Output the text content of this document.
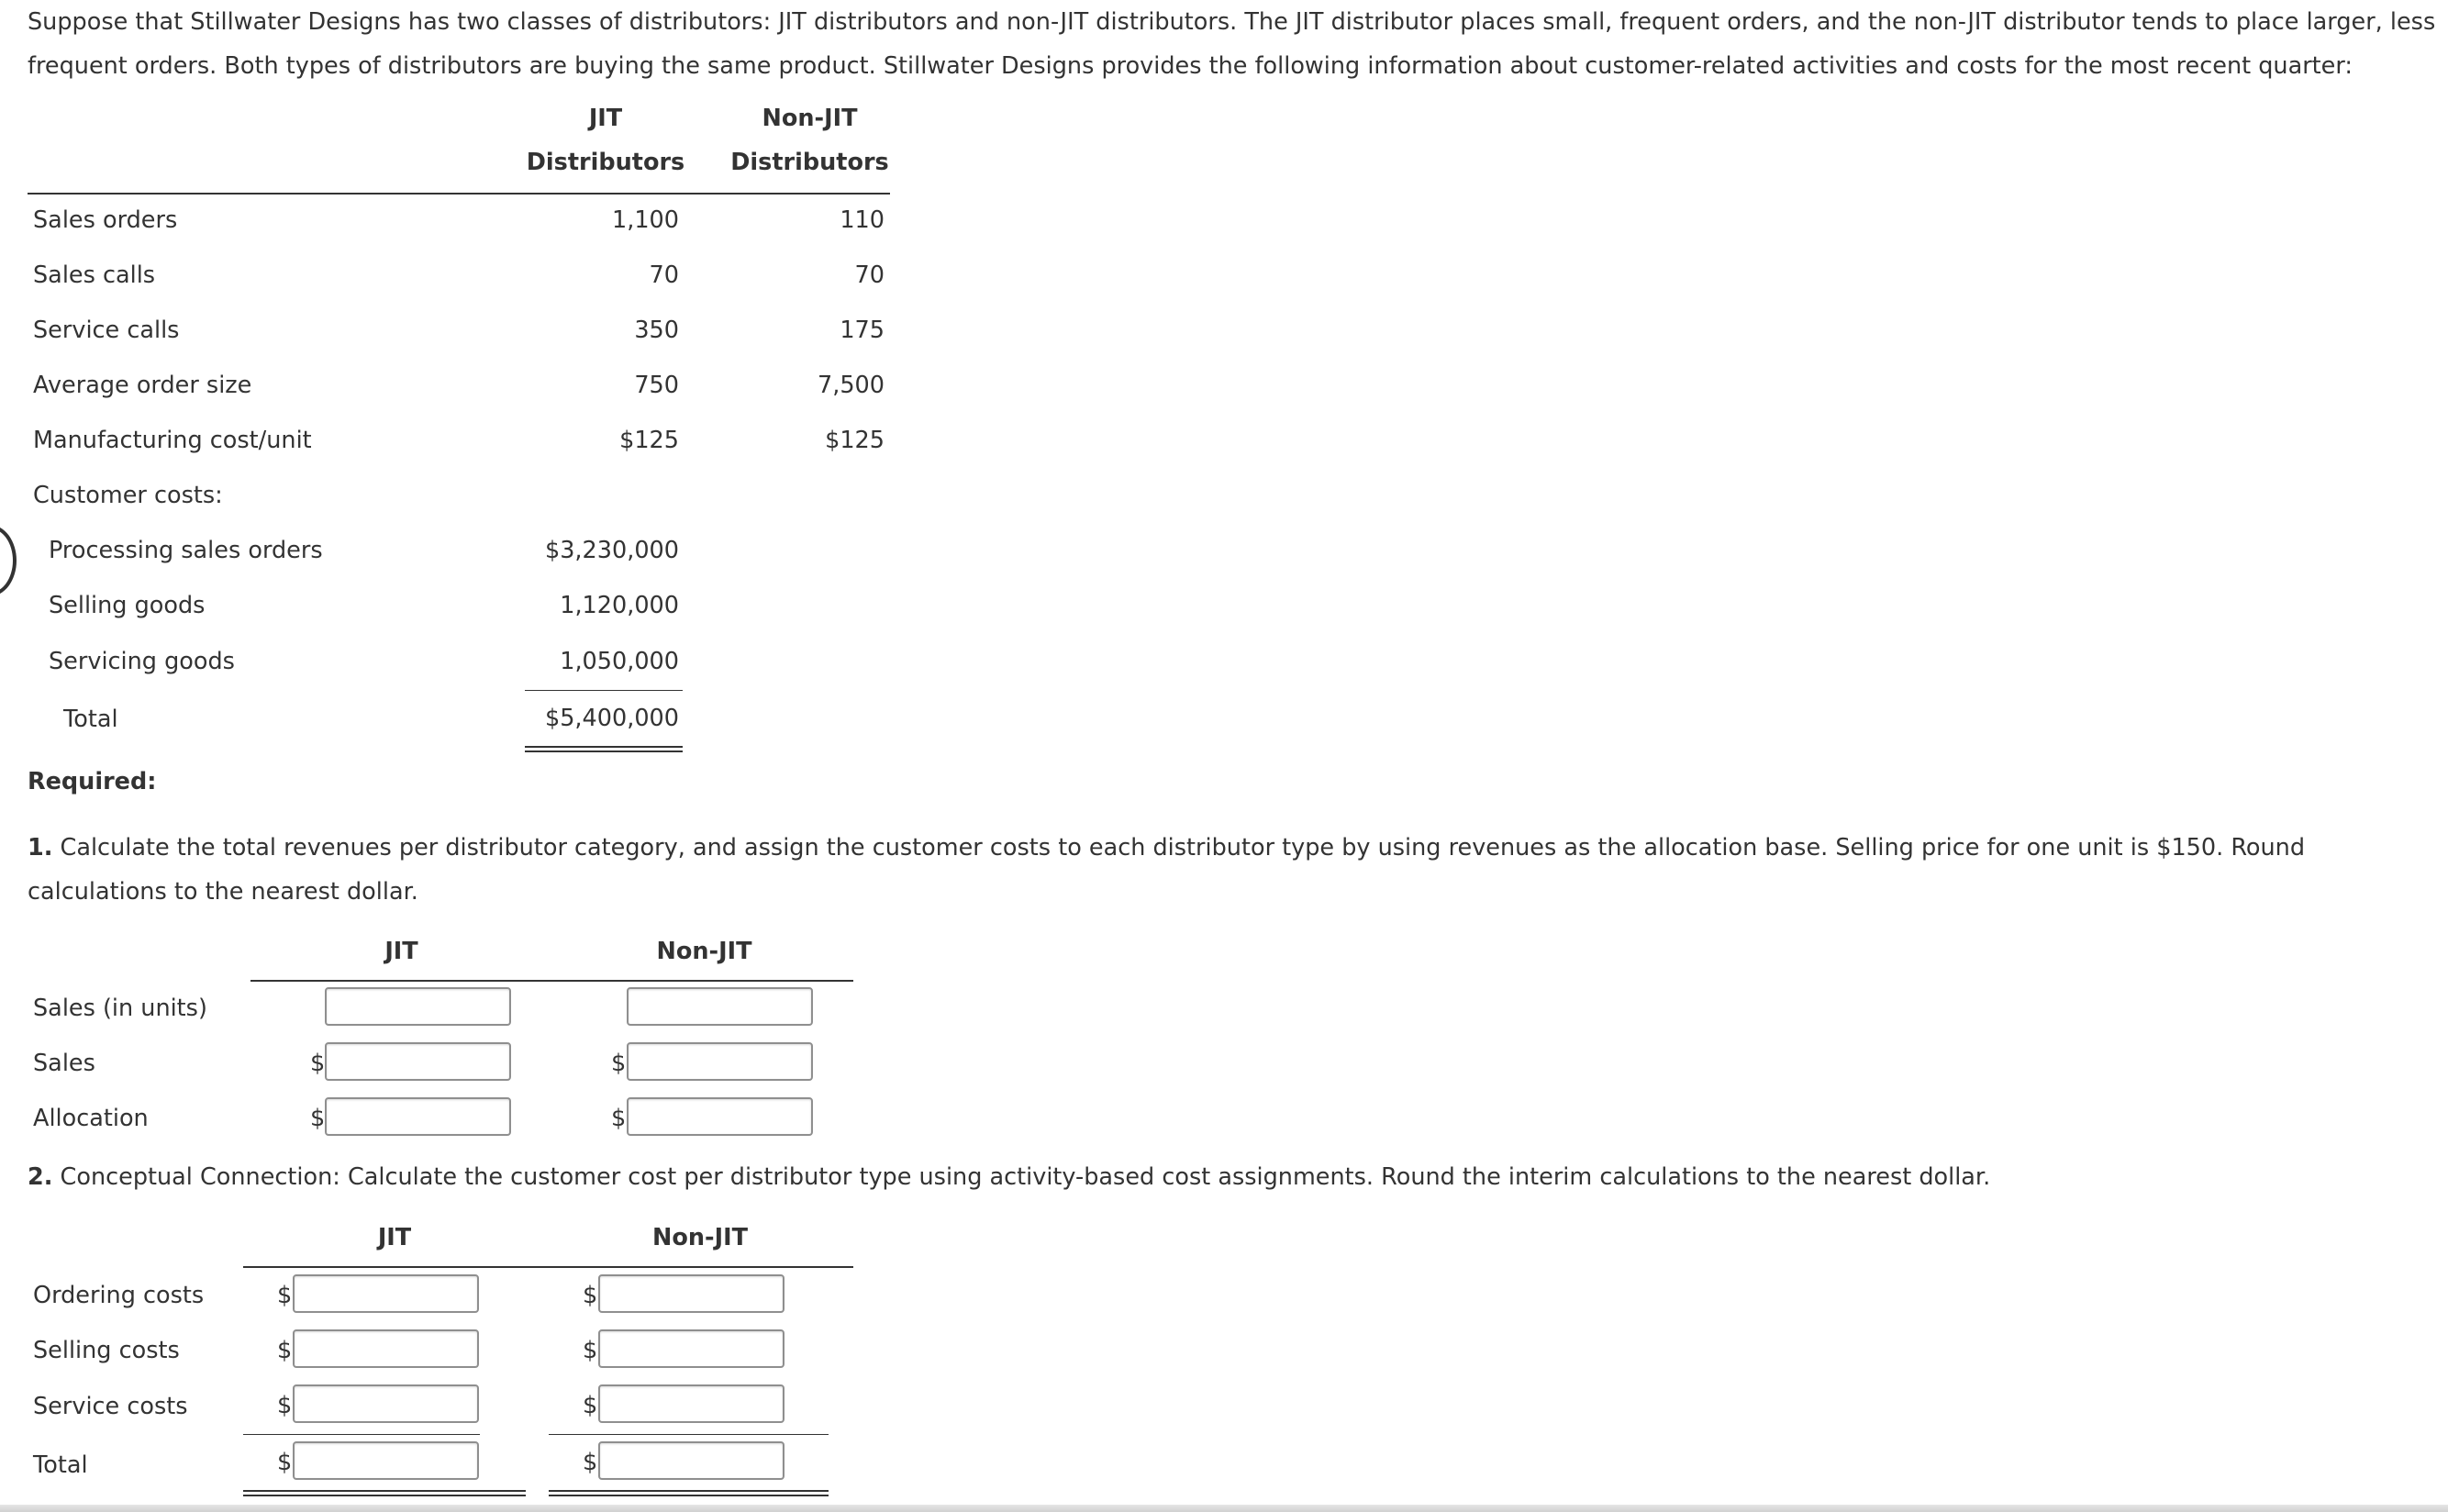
Suppose that Stillwater Designs has two classes of distributors: JIT distributors and non-JIT distributors. The JIT distributor places small, frequent orders, and the non-JIT distributor tends to place larger, less frequent orders. Both types of distributors are buying the same product. Stillwater Designs provides the following information about customer-related activities and costs for the most recent quarter:

JIT
Distributors
Non-JIT
Distributors
Sales orders	1,100	110
Sales calls	70	70
Service calls	350	175
Average order size	750	7,500
Manufacturing cost/unit	$125	$125
Customer costs:
Processing sales orders	$3,230,000
Selling goods	1,120,000
Servicing goods	1,050,000
Total	$5,400,000
Required:

1. Calculate the total revenues per distributor category, and assign the customer costs to each distributor type by using revenues as the allocation base. Selling price for one unit is $150. Round calculations to the nearest dollar.

JIT	Non-JIT
Sales (in units)
Sales	$	$
Allocation	$	$

2. Conceptual Connection: Calculate the customer cost per distributor type using activity-based cost assignments. Round the interim calculations to the nearest dollar.

JIT	Non-JIT
Ordering costs	$	$
Selling costs	$	$
Service costs	$	$
Total	$	$
